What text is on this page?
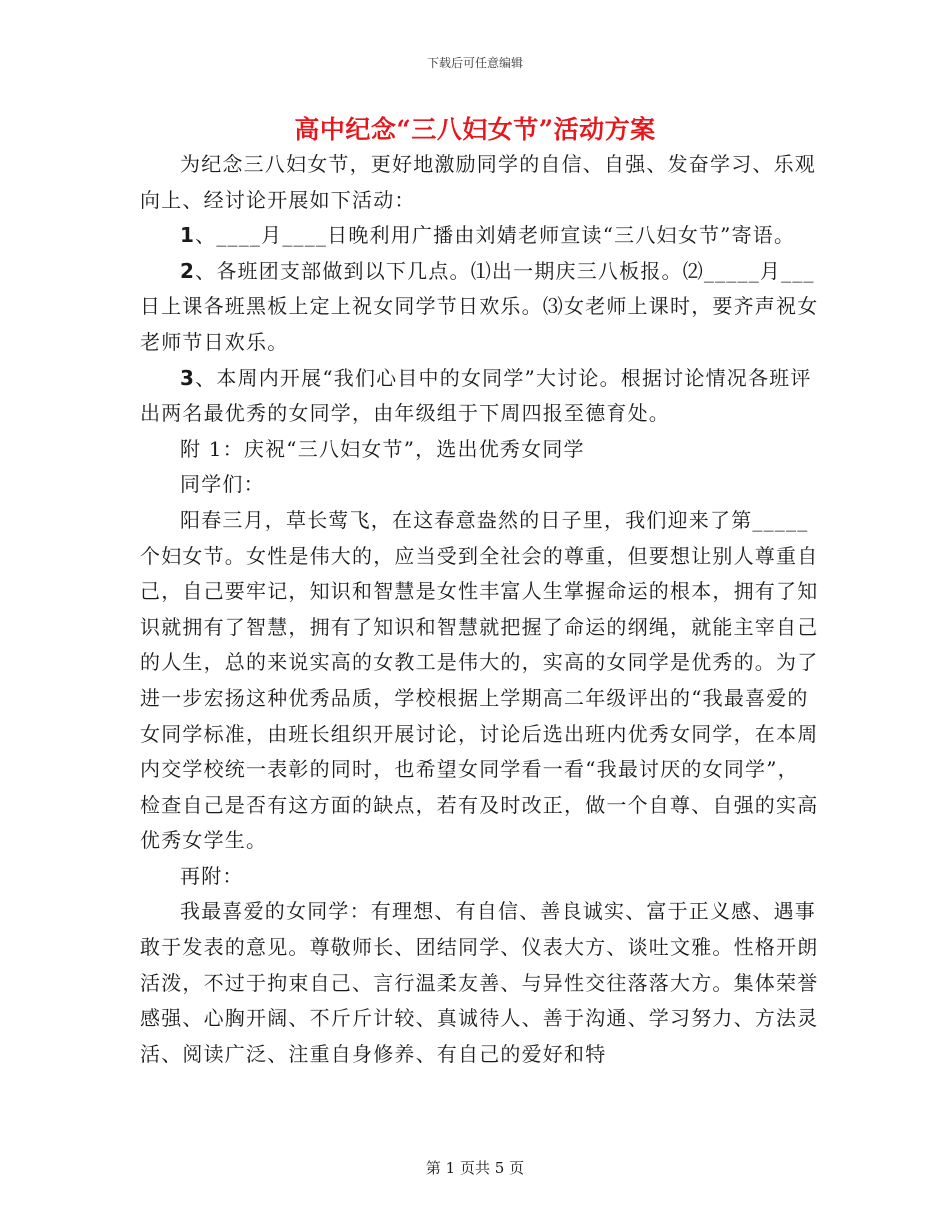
下载后可任意编辑
高中纪念“三八妇女节”活动方案

为纪念三八妇女节，更好地激励同学的自信、自强、发奋学习、乐观向上、经讨论开展如下活动：

1、____月____日晚利用广播由刘婧老师宣读“三八妇女节”寄语。

2、各班团支部做到以下几点。⑴出一期庆三八板报。⑵_____月___日上课各班黑板上定上祝女同学节日欢乐。⑶女老师上课时，要齐声祝女老师节日欢乐。

3、本周内开展“我们心目中的女同学”大讨论。根据讨论情况各班评出两名最优秀的女同学，由年级组于下周四报至德育处。

附 1：庆祝“三八妇女节”，选出优秀女同学

同学们：

阳春三月，草长莺飞，在这春意盎然的日子里，我们迎来了第_____个妇女节。女性是伟大的，应当受到全社会的尊重，但要想让别人尊重自己，自己要牢记，知识和智慧是女性丰富人生掌握命运的根本，拥有了知识就拥有了智慧，拥有了知识和智慧就把握了命运的纲绳，就能主宰自己的人生，总的来说实高的女教工是伟大的，实高的女同学是优秀的。为了进一步宏扬这种优秀品质，学校根据上学期高二年级评出的“我最喜爱的女同学标准，由班长组织开展讨论，讨论后选出班内优秀女同学，在本周内交学校统一表彰的同时，也希望女同学看一看“我最讨厌的女同学”，检查自己是否有这方面的缺点，若有及时改正，做一个自尊、自强的实高优秀女学生。

再附：

我最喜爱的女同学：有理想、有自信、善良诚实、富于正义感、遇事敢于发表的意见。尊敬师长、团结同学、仪表大方、谈吐文雅。性格开朗活泼，不过于拘束自己、言行温柔友善、与异性交往落落大方。集体荣誉感强、心胸开阔、不斤斤计较、真诚待人、善于沟通、学习努力、方法灵活、阅读广泛、注重自身修养、有自己的爱好和特

第 1 页共 5 页
